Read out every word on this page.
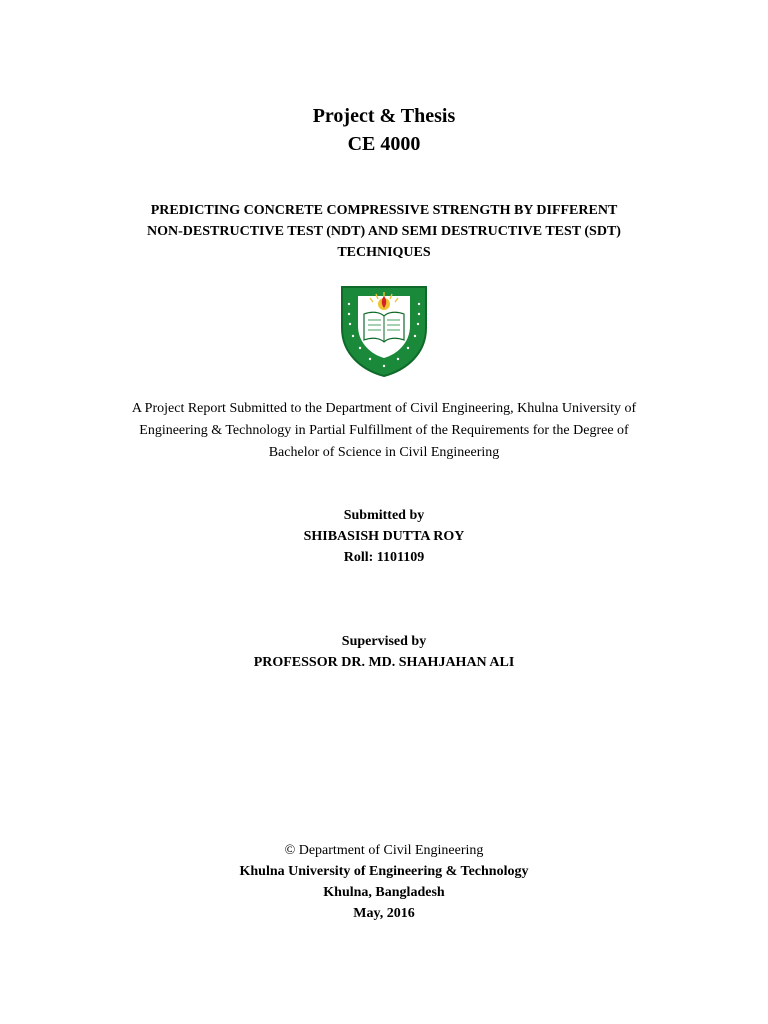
Project & Thesis
CE 4000
PREDICTING CONCRETE COMPRESSIVE STRENGTH BY DIFFERENT
NON-DESTRUCTIVE TEST (NDT) AND SEMI DESTRUCTIVE TEST (SDT)
TECHNIQUES
A Project Report Submitted to the Department of Civil Engineering, Khulna University of
Engineering & Technology in Partial Fulfillment of the Requirements for the Degree of
Bachelor of Science in Civil Engineering
Submitted by
SHIBASISH DUTTA ROY
Roll: 1101109
Supervised by
PROFESSOR DR. MD. SHAHJAHAN ALI
© Department of Civil Engineering
Khulna University of Engineering & Technology
Khulna, Bangladesh
May, 2016
